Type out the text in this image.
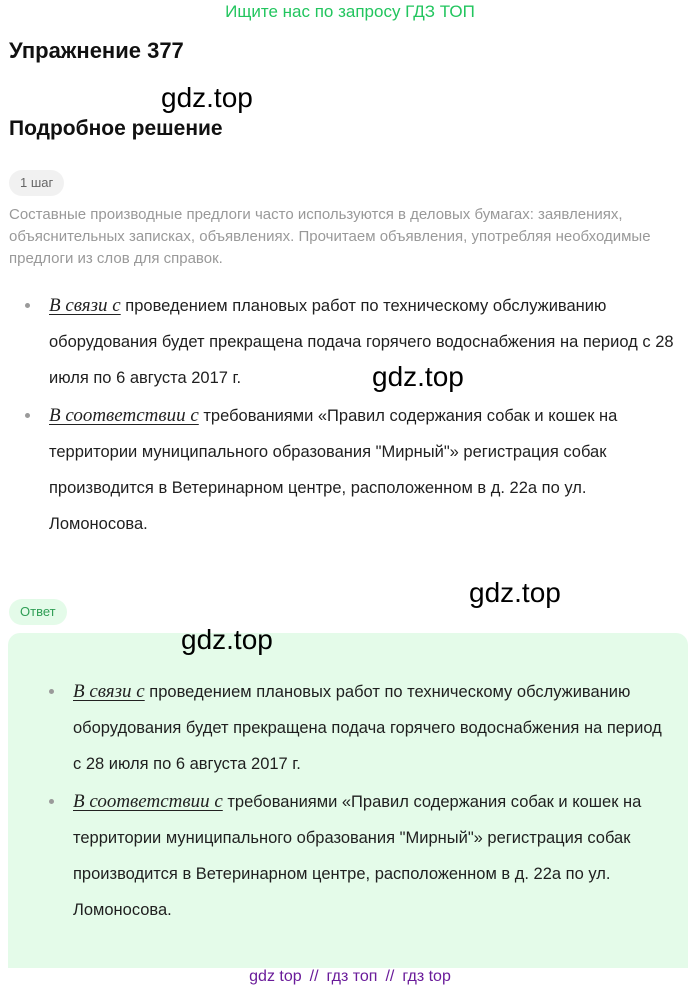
Ищите нас по запросу ГДЗ ТОП
Упражнение 377
gdz.top
Подробное решение
1 шаг

Составные производные предлоги часто используются в деловых бумагах: заявлениях, объяснительных записках, объявлениях. Прочитаем объявления, употребляя необходимые предлоги из слов для справок.

В связи с проведением плановых работ по техническому обслуживанию оборудования будет прекращена подача горячего водоснабжения на период с 28 июля по 6 августа 2017 г.
В соответствии с требованиями «Правил содержания собак и кошек на территории муниципального образования "Мирный"» регистрация собак производится в Ветеринарном центре, расположенном в д. 22а по ул. Ломоносова.
gdz.top
Ответ
gdz.top
gdz.top
В связи с проведением плановых работ по техническому обслуживанию оборудования будет прекращена подача горячего водоснабжения на период с 28 июля по 6 августа 2017 г.
В соответствии с требованиями «Правил содержания собак и кошек на территории муниципального образования "Мирный"» регистрация собак производится в Ветеринарном центре, расположенном в д. 22а по ул. Ломоносова.
gdz top // гдз топ // гдз top
